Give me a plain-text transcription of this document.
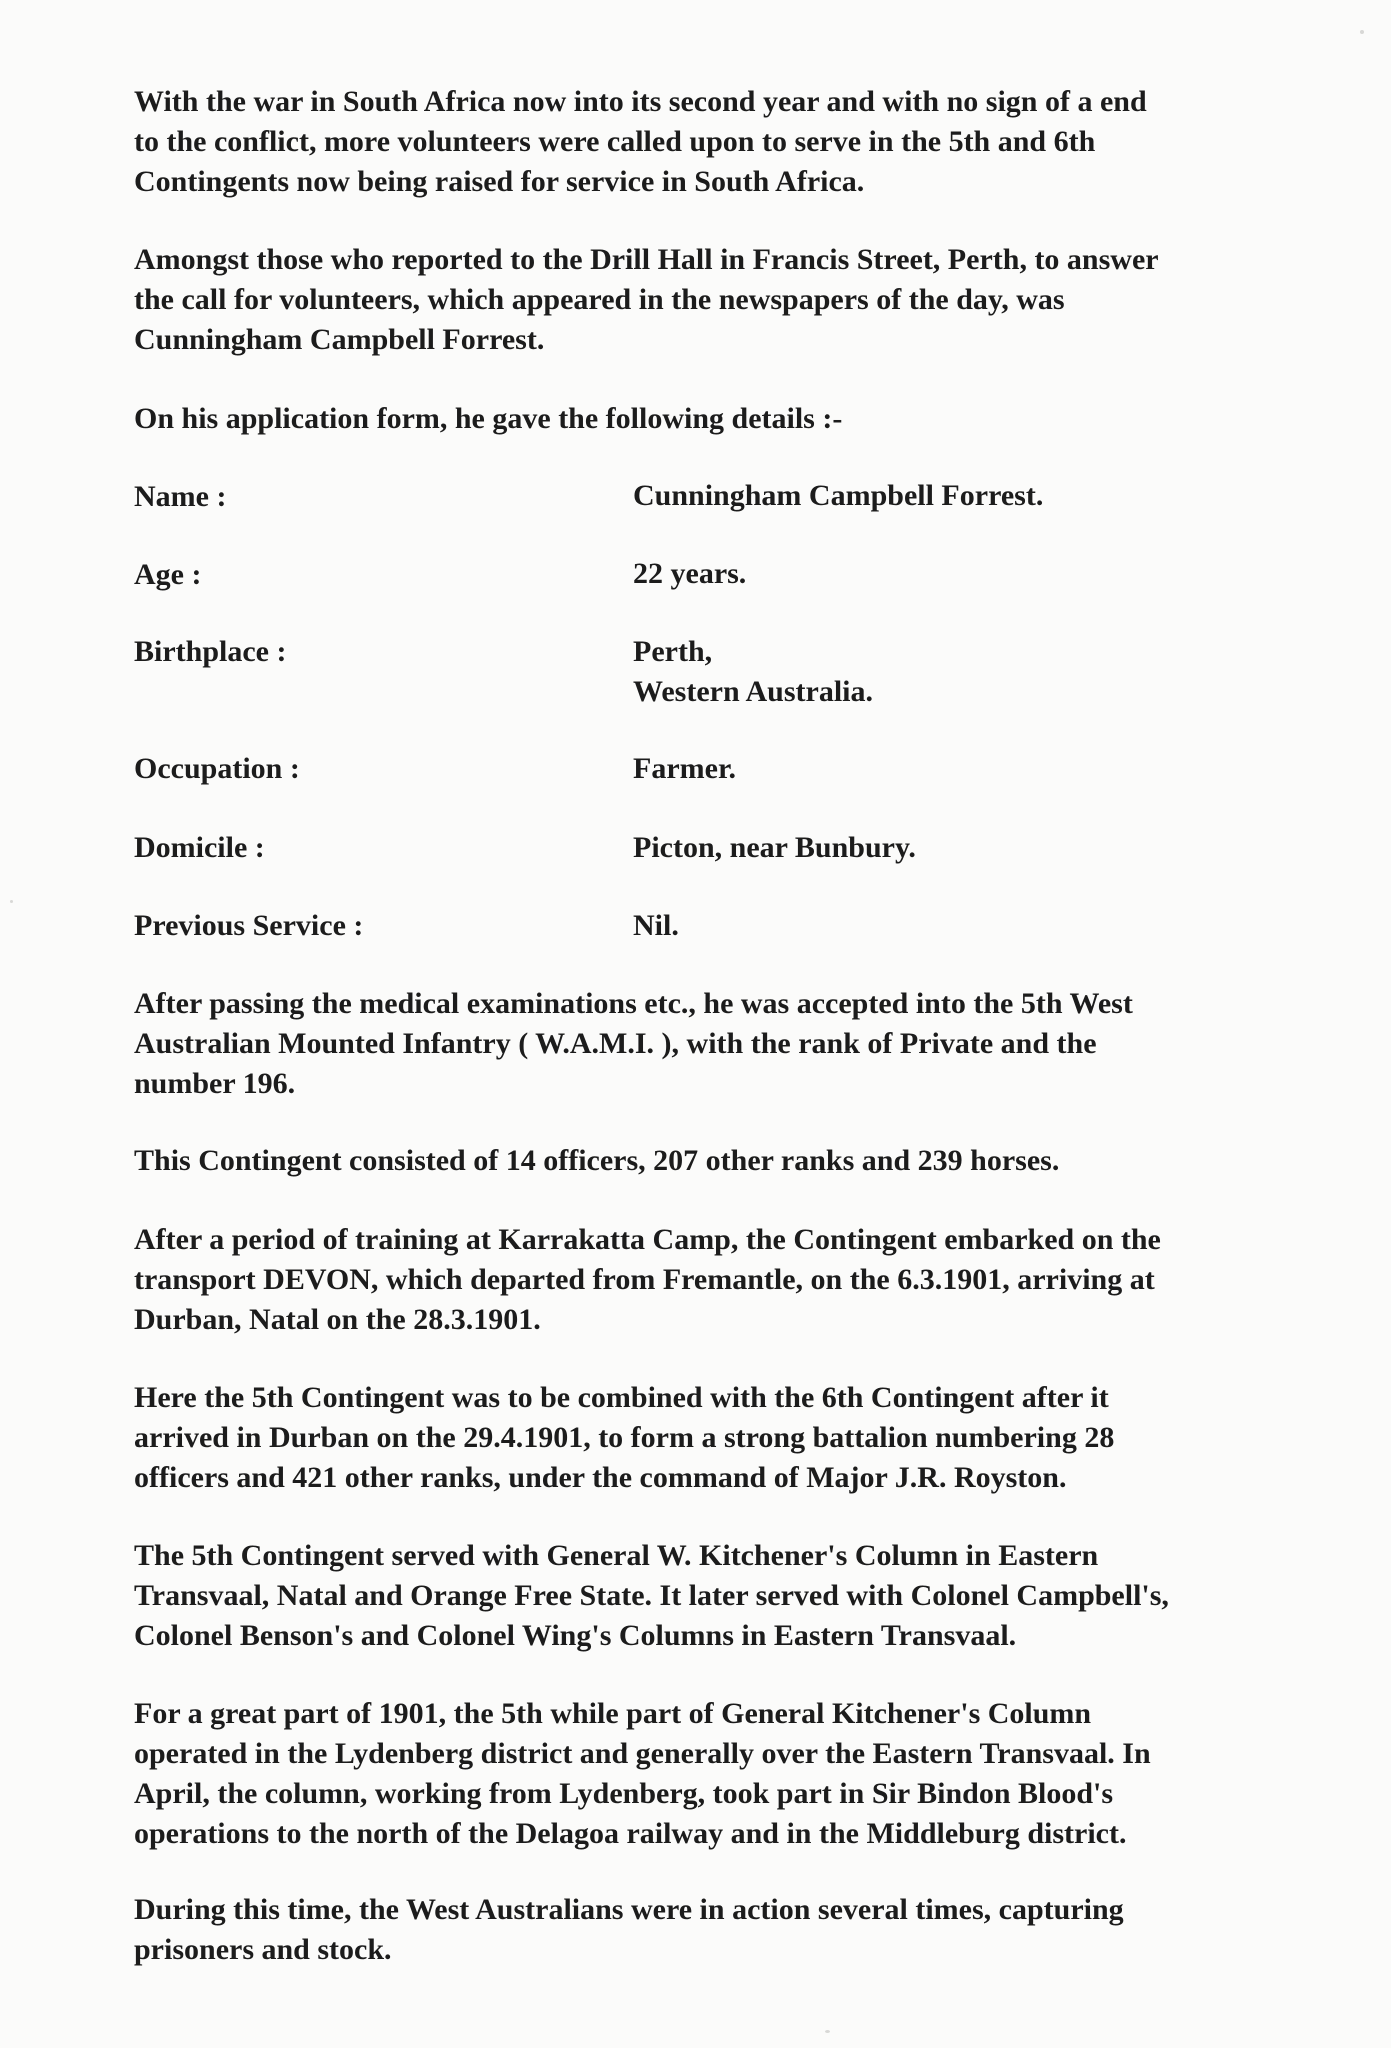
With the war in South Africa now into its second year and with no sign of a end
to the conflict, more volunteers were called upon to serve in the 5th and 6th
Contingents now being raised for service in South Africa.

Amongst those who reported to the Drill Hall in Francis Street, Perth, to answer
the call for volunteers, which appeared in the newspapers of the day, was
Cunningham Campbell Forrest.

On his application form, he gave the following details :-

Name :	Cunningham Campbell Forrest.
Age :	22 years.
Birthplace :	Perth,
Western Australia.
Occupation :	Farmer.
Domicile :	Picton, near Bunbury.
Previous Service :	Nil.

After passing the medical examinations etc., he was accepted into the 5th West
Australian Mounted Infantry ( W.A.M.I. ), with the rank of Private and the
number 196.

This Contingent consisted of 14 officers, 207 other ranks and 239 horses.

After a period of training at Karrakatta Camp, the Contingent embarked on the
transport DEVON, which departed from Fremantle, on the 6.3.1901, arriving at
Durban, Natal on the 28.3.1901.

Here the 5th Contingent was to be combined with the 6th Contingent after it
arrived in Durban on the 29.4.1901, to form a strong battalion numbering 28
officers and 421 other ranks, under the command of Major J.R. Royston.

The 5th Contingent served with General W. Kitchener's Column in Eastern
Transvaal, Natal and Orange Free State. It later served with Colonel Campbell's,
Colonel Benson's and Colonel Wing's Columns in Eastern Transvaal.

For a great part of 1901, the 5th while part of General Kitchener's Column
operated in the Lydenberg district and generally over the Eastern Transvaal. In
April, the column, working from Lydenberg, took part in Sir Bindon Blood's
operations to the north of the Delagoa railway and in the Middleburg district.

During this time, the West Australians were in action several times, capturing
prisoners and stock.
